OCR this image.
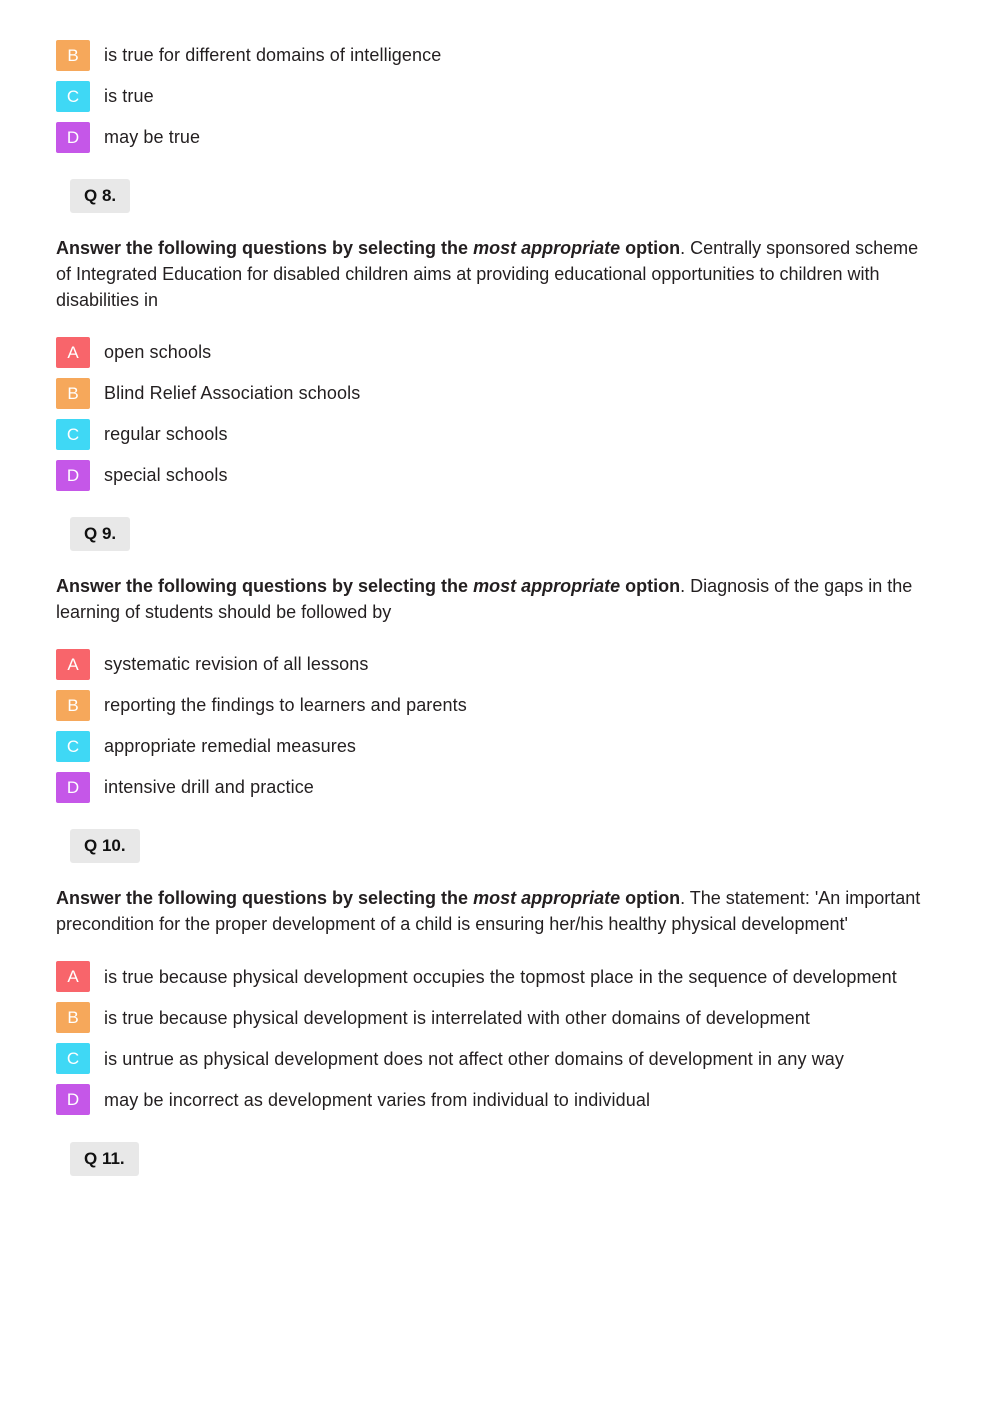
B	is true for different domains of intelligence
C	is true
D	may be true
Q 8.

Answer the following questions by selecting the most appropriate option. Centrally sponsored scheme of Integrated Education for disabled children aims at providing educational opportunities to children with disabilities in

A	open schools
B	Blind Relief Association schools
C	regular schools
D	special schools
Q 9.

Answer the following questions by selecting the most appropriate option. Diagnosis of the gaps in the learning of students should be followed by

A	systematic revision of all lessons
B	reporting the findings to learners and parents
C	appropriate remedial measures
D	intensive drill and practice
Q 10.

Answer the following questions by selecting the most appropriate option. The statement: 'An important precondition for the proper development of a child is ensuring her/his healthy physical development'

A	is true because physical development occupies the topmost place in the sequence of development
B	is true because physical development is interrelated with other domains of development
C	is untrue as physical development does not affect other domains of development in any way
D	may be incorrect as development varies from individual to individual
Q 11.
